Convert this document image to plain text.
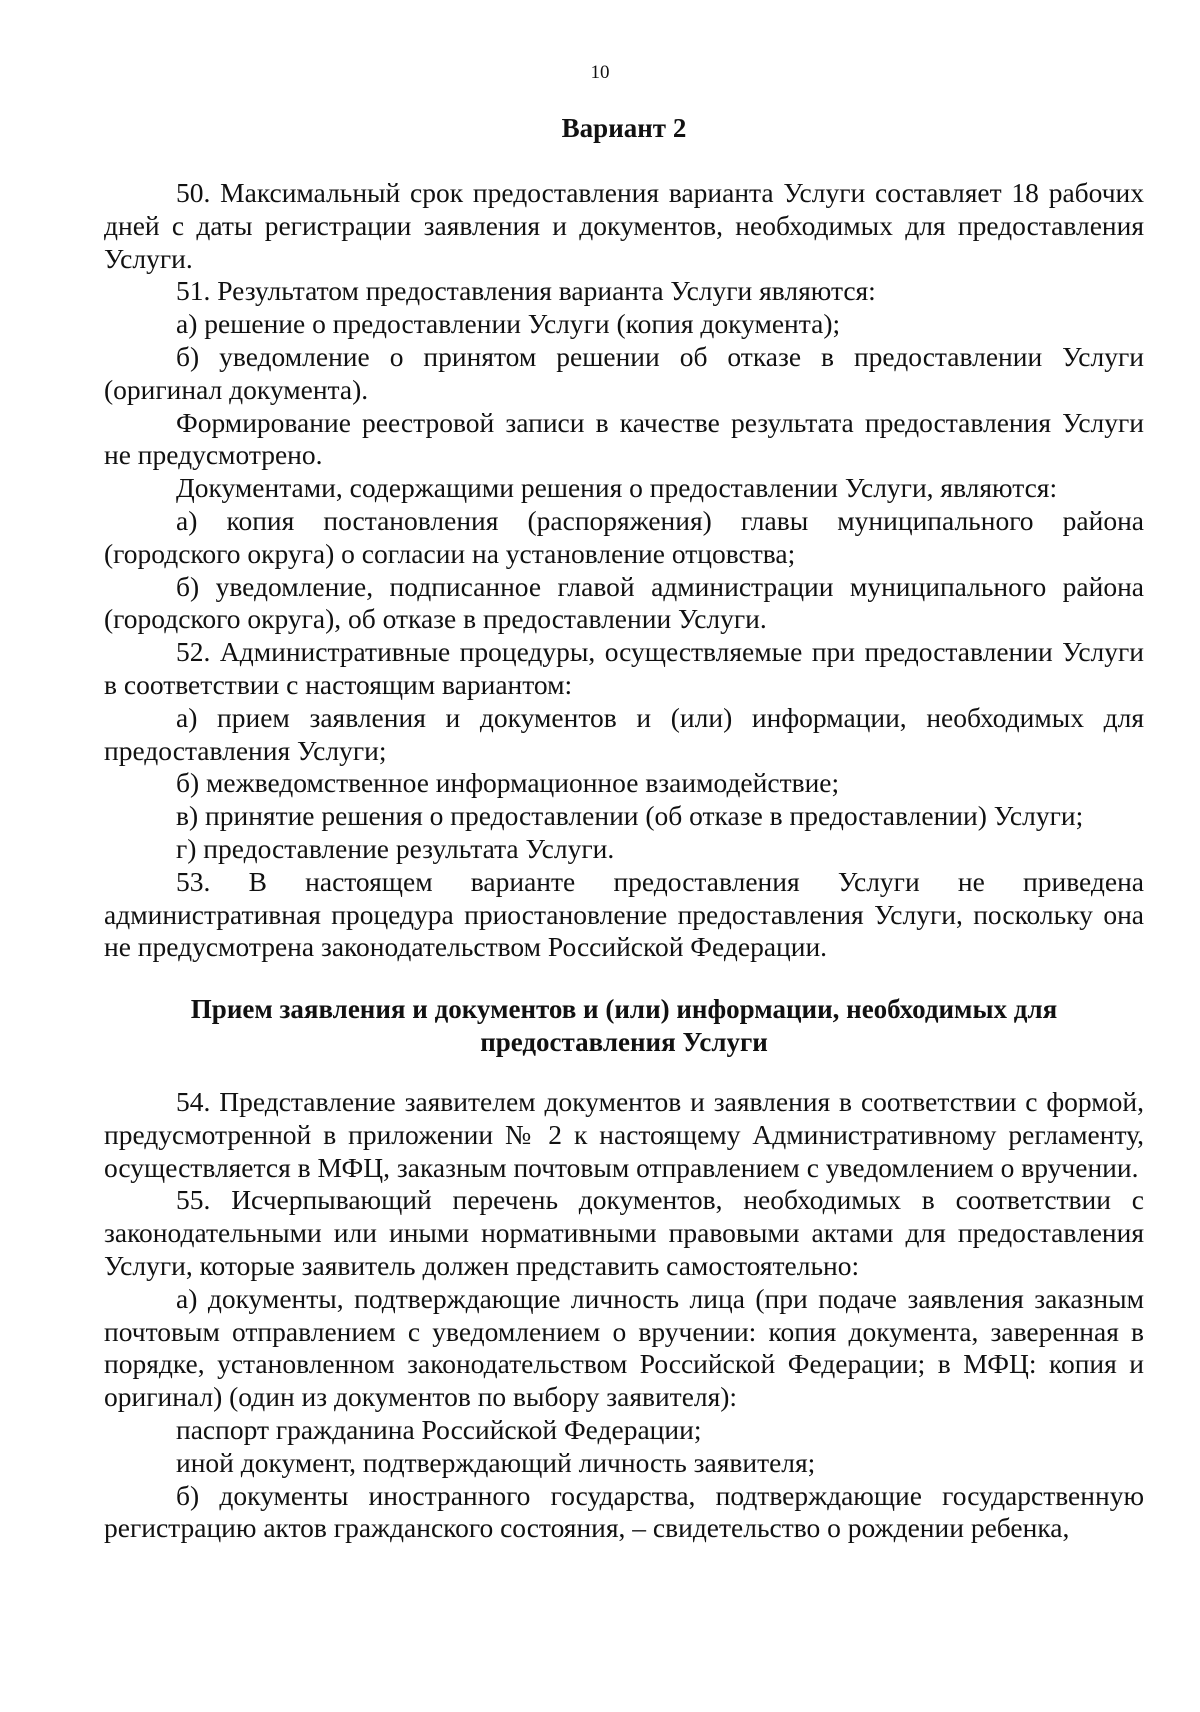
10
Вариант 2

50. Максимальный срок предоставления варианта Услуги составляет 18 рабочих дней с даты регистрации заявления и документов, необходимых для предоставления Услуги.

51. Результатом предоставления варианта Услуги являются:

а) решение о предоставлении Услуги (копия документа);

б) уведомление о принятом решении об отказе в предоставлении Услуги (оригинал документа).

Формирование реестровой записи в качестве результата предоставления Услуги не предусмотрено.

Документами, содержащими решения о предоставлении Услуги, являются:

а) копия постановления (распоряжения) главы муниципального района (городского округа) о согласии на установление отцовства;

б) уведомление, подписанное главой администрации муниципального района (городского округа), об отказе в предоставлении Услуги.

52. Административные процедуры, осуществляемые при предоставлении Услуги в соответствии с настоящим вариантом:

а) прием заявления и документов и (или) информации, необходимых для предоставления Услуги;

б) межведомственное информационное взаимодействие;

в) принятие решения о предоставлении (об отказе в предоставлении) Услуги;

г) предоставление результата Услуги.

53. В настоящем варианте предоставления Услуги не приведена административная процедура приостановление предоставления Услуги, поскольку она не предусмотрена законодательством Российской Федерации.

Прием заявления и документов и (или) информации, необходимых для
предоставления Услуги

54. Представление заявителем документов и заявления в соответствии с формой, предусмотренной в приложении № 2 к настоящему Административному регламенту, осуществляется в МФЦ, заказным почтовым отправлением с уведомлением о вручении.

55. Исчерпывающий перечень документов, необходимых в соответствии с законодательными или иными нормативными правовыми актами для предоставления Услуги, которые заявитель должен представить самостоятельно:

а) документы, подтверждающие личность лица (при подаче заявления заказным почтовым отправлением с уведомлением о вручении: копия документа, заверенная в порядке, установленном законодательством Российской Федерации; в МФЦ: копия и оригинал) (один из документов по выбору заявителя):

паспорт гражданина Российской Федерации;

иной документ, подтверждающий личность заявителя;

б) документы иностранного государства, подтверждающие государственную регистрацию актов гражданского состояния, – свидетельство о рождении ребенка,
